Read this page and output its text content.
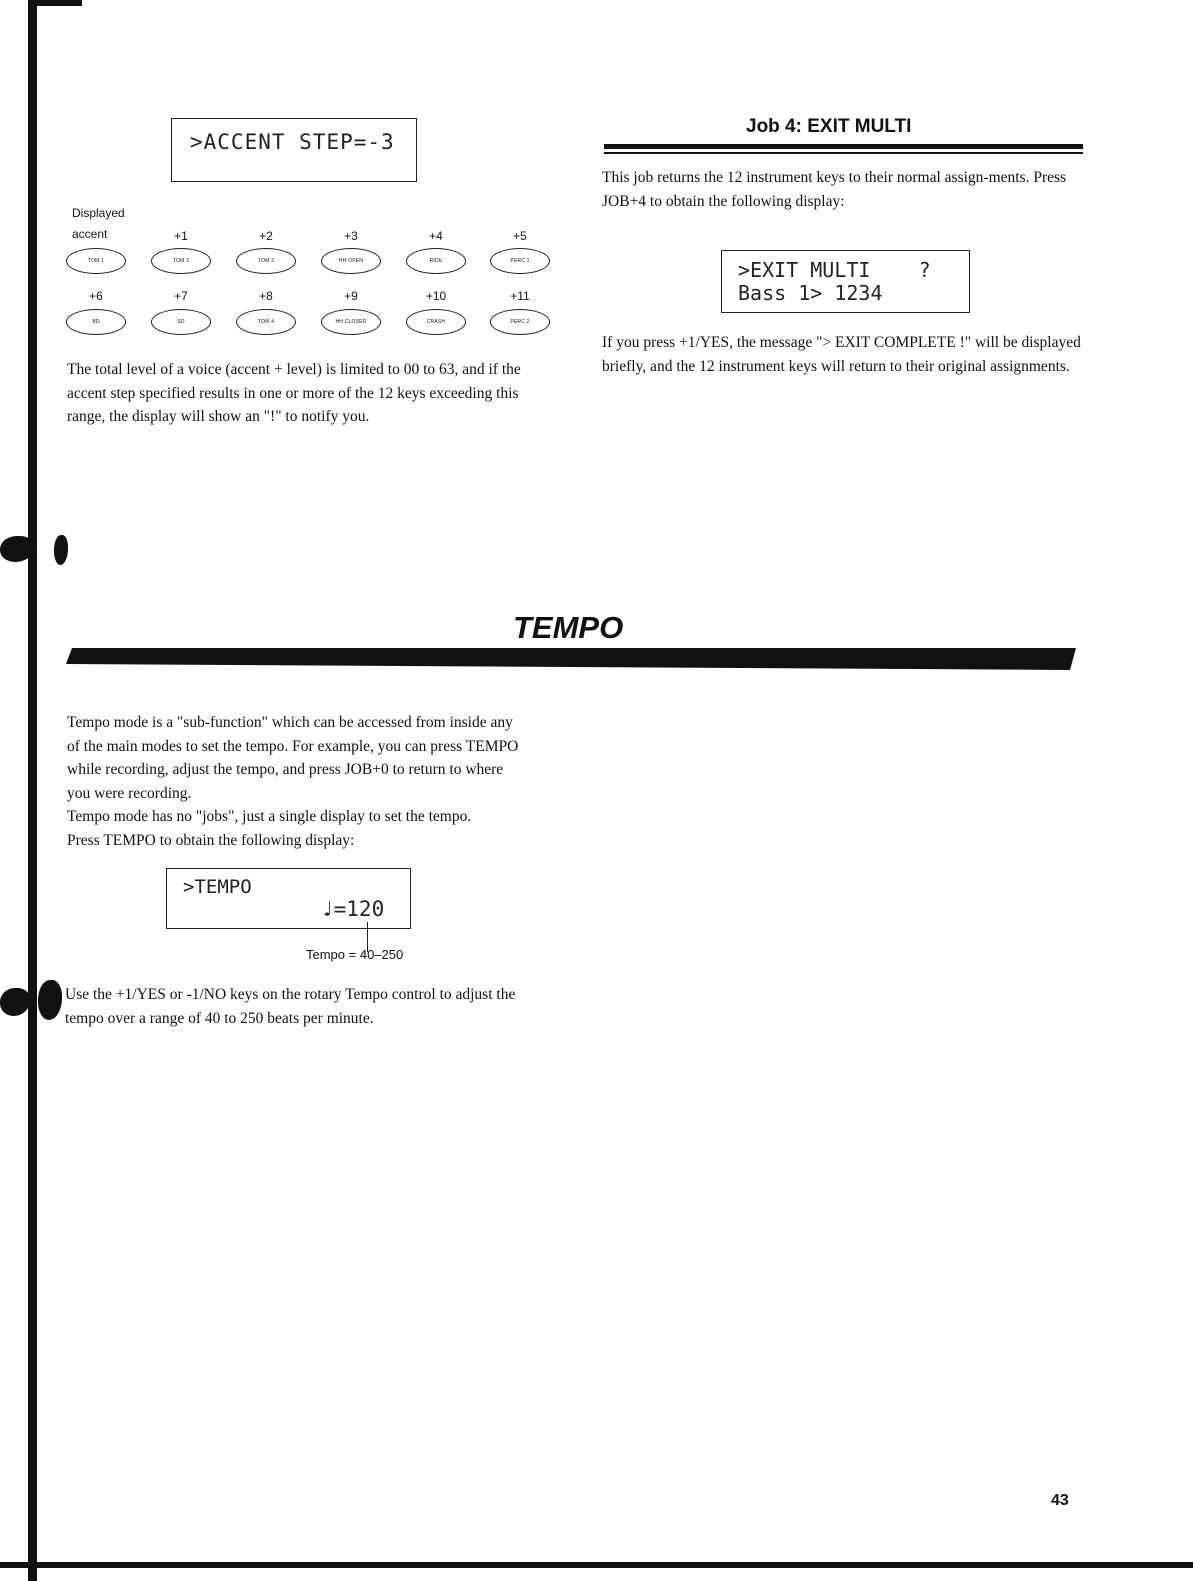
>ACCENT STEP=-3
Displayed
accent
TOM 1
+1
TOM 2
+2
TOM 3
+3
HH OPEN
+4
RIDE
+5
PERC 1
+6
BD
+7
SD
+8
TOM 4
+9
HH CLOSED
+10
CRASH
+11
PERC 2

The total level of a voice (accent + level) is limited to 00 to 63, and if the accent step specified results in one or more of the 12 keys exceeding this range, the display will show an "!" to notify you.

Job 4: EXIT MULTI

This job returns the 12 instrument keys to their normal assign-ments. Press

JOB+4 to obtain the following display:

>EXIT MULTI    ?
Bass 1> 1234

If you press +1/YES, the message "> EXIT COMPLETE !" will be displayed briefly, and the 12 instrument keys will return to their original assignments.

TEMPO

Tempo mode is a "sub-function" which can be accessed from inside any of the main modes to set the tempo. For example, you can press TEMPO while recording, adjust the tempo, and press JOB+0 to return to where you were recording.

Tempo mode has no "jobs", just a single display to set the tempo.

Press TEMPO to obtain the following display:

>TEMPO
♩=120
Tempo = 40–250

Use the +1/YES or -1/NO keys on the rotary Tempo control to adjust the tempo over a range of 40 to 250 beats per minute.

43
